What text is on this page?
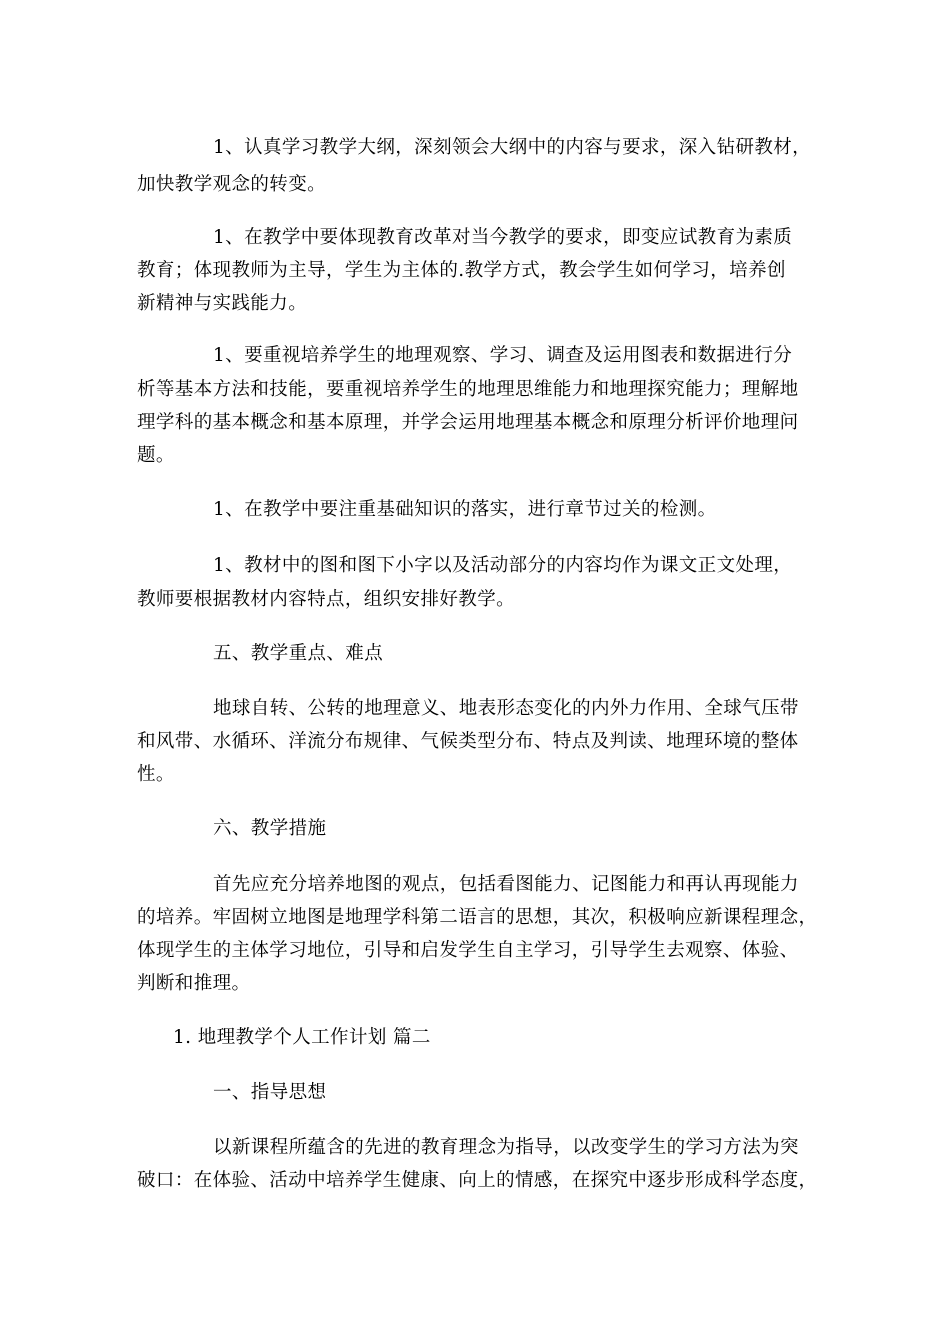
1、认真学习教学大纲，深刻领会大纲中的内容与要求，深入钻研教材，
加快教学观念的转变。
1、在教学中要体现教育改革对当今教学的要求，即变应试教育为素质
教育；体现教师为主导，学生为主体的.教学方式，教会学生如何学习，培养创
新精神与实践能力。
1、要重视培养学生的地理观察、学习、调查及运用图表和数据进行分
析等基本方法和技能，要重视培养学生的地理思维能力和地理探究能力；理解地
理学科的基本概念和基本原理，并学会运用地理基本概念和原理分析评价地理问
题。
1、在教学中要注重基础知识的落实，进行章节过关的检测。
1、教材中的图和图下小字以及活动部分的内容均作为课文正文处理，
教师要根据教材内容特点，组织安排好教学。
五、教学重点、难点
地球自转、公转的地理意义、地表形态变化的内外力作用、全球气压带
和风带、水循环、洋流分布规律、气候类型分布、特点及判读、地理环境的整体
性。
六、教学措施
首先应充分培养地图的观点，包括看图能力、记图能力和再认再现能力
的培养。牢固树立地图是地理学科第二语言的思想，其次，积极响应新课程理念，
体现学生的主体学习地位，引导和启发学生自主学习，引导学生去观察、体验、
判断和推理。
1. 地理教学个人工作计划 篇二
一、指导思想
以新课程所蕴含的先进的教育理念为指导，以改变学生的学习方法为突
破口：在体验、活动中培养学生健康、向上的情感，在探究中逐步形成科学态度，
